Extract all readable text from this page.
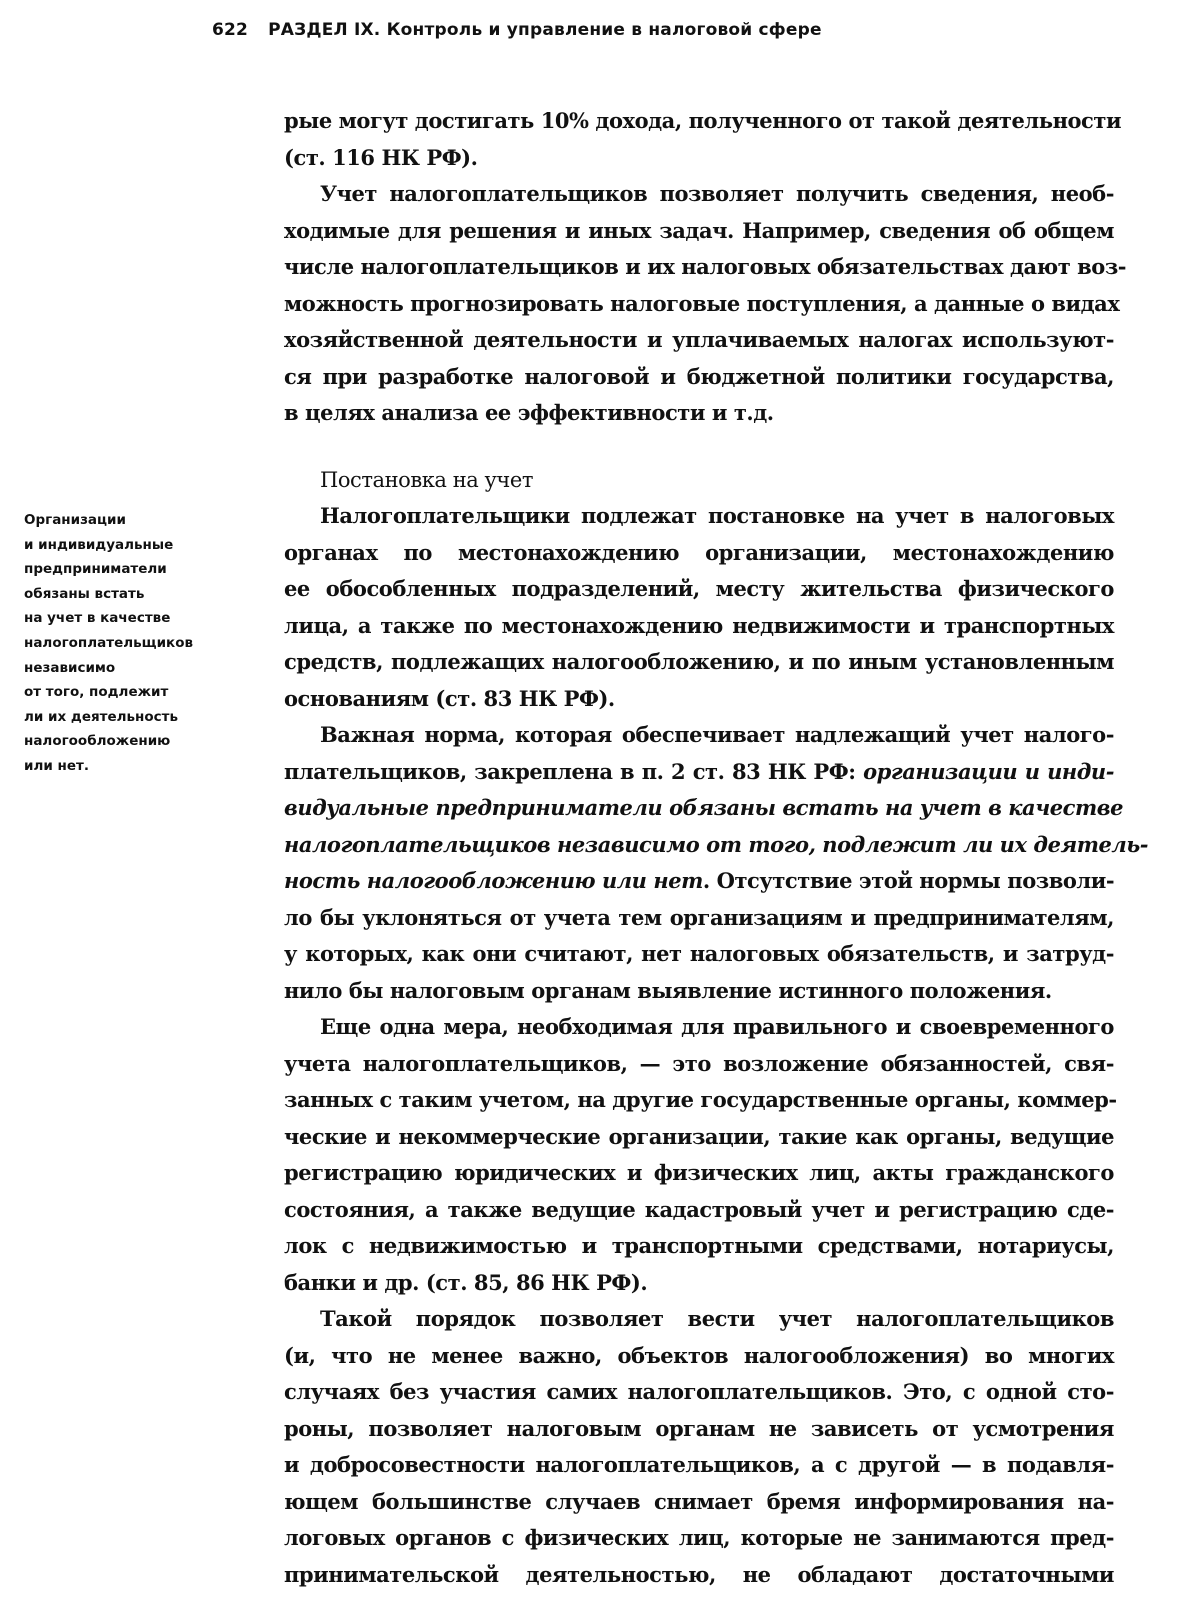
622 РАЗДЕЛ IX. Контроль и управление в налоговой сфере
Организации
и индивидуальные
предприниматели
обязаны встать
на учет в качестве
налогоплательщиков
независимо
от того, подлежит
ли их деятельность
налогообложению
или нет.
рые могут достигать 10% дохода, полученного от такой деятельности
(ст. 116 НК РФ).
Учет налогоплательщиков позволяет получить сведения, необ-
ходимые для решения и иных задач. Например, сведения об общем
числе налогоплательщиков и их налоговых обязательствах дают воз-
можность прогнозировать налоговые поступления, а данные о видах
хозяйственной деятельности и уплачиваемых налогах используют-
ся при разработке налоговой и бюджетной политики государства,
в целях анализа ее эффективности и т.д.
Постановка на учет
Налогоплательщики подлежат постановке на учет в налоговых
органах по местонахождению организации, местонахождению
ее обособленных подразделений, месту жительства физического
лица, а также по местонахождению недвижимости и транспортных
средств, подлежащих налогообложению, и по иным установленным
основаниям (ст. 83 НК РФ).
Важная норма, которая обеспечивает надлежащий учет налого-
плательщиков, закреплена в п. 2 ст. 83 НК РФ: организации и инди-
видуальные предприниматели обязаны встать на учет в качестве
налогоплательщиков независимо от того, подлежит ли их деятель-
ность налогообложению или нет. Отсутствие этой нормы позволи-
ло бы уклоняться от учета тем организациям и предпринимателям,
у которых, как они считают, нет налоговых обязательств, и затруд-
нило бы налоговым органам выявление истинного положения.
Еще одна мера, необходимая для правильного и своевременного
учета налогоплательщиков, — это возложение обязанностей, свя-
занных с таким учетом, на другие государственные органы, коммер-
ческие и некоммерческие организации, такие как органы, ведущие
регистрацию юридических и физических лиц, акты гражданского
состояния, а также ведущие кадастровый учет и регистрацию сде-
лок с недвижимостью и транспортными средствами, нотариусы,
банки и др. (ст. 85, 86 НК РФ).
Такой порядок позволяет вести учет налогоплательщиков
(и, что не менее важно, объектов налогообложения) во многих
случаях без участия самих налогоплательщиков. Это, с одной сто-
роны, позволяет налоговым органам не зависеть от усмотрения
и добросовестности налогоплательщиков, а с другой — в подавля-
ющем большинстве случаев снимает бремя информирования на-
логовых органов с физических лиц, которые не занимаются пред-
принимательской деятельностью, не обладают достаточными
